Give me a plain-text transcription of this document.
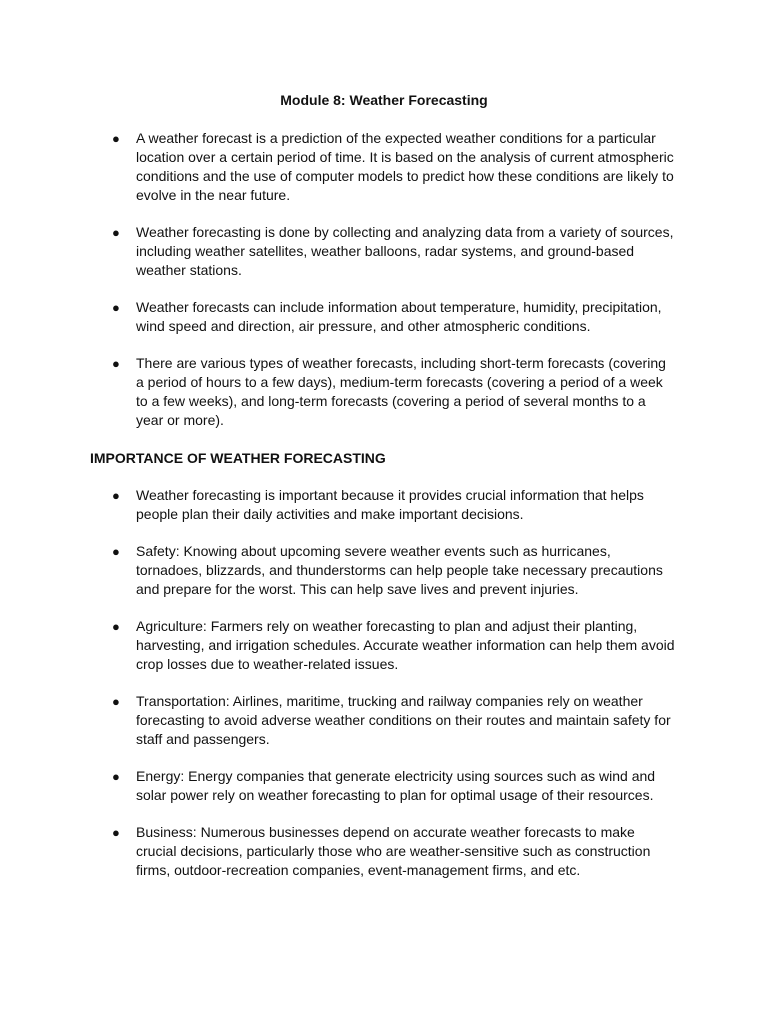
Module 8: Weather Forecasting
● A weather forecast is a prediction of the expected weather conditions for a particular location over a certain period of time. It is based on the analysis of current atmospheric conditions and the use of computer models to predict how these conditions are likely to evolve in the near future.
● Weather forecasting is done by collecting and analyzing data from a variety of sources, including weather satellites, weather balloons, radar systems, and ground-based weather stations.
● Weather forecasts can include information about temperature, humidity, precipitation, wind speed and direction, air pressure, and other atmospheric conditions.
● There are various types of weather forecasts, including short-term forecasts (covering a period of hours to a few days), medium-term forecasts (covering a period of a week to a few weeks), and long-term forecasts (covering a period of several months to a year or more).
IMPORTANCE OF WEATHER FORECASTING
● Weather forecasting is important because it provides crucial information that helps people plan their daily activities and make important decisions.
● Safety: Knowing about upcoming severe weather events such as hurricanes, tornadoes, blizzards, and thunderstorms can help people take necessary precautions and prepare for the worst. This can help save lives and prevent injuries.
● Agriculture: Farmers rely on weather forecasting to plan and adjust their planting, harvesting, and irrigation schedules. Accurate weather information can help them avoid crop losses due to weather-related issues.
● Transportation: Airlines, maritime, trucking and railway companies rely on weather forecasting to avoid adverse weather conditions on their routes and maintain safety for staff and passengers.
● Energy: Energy companies that generate electricity using sources such as wind and solar power rely on weather forecasting to plan for optimal usage of their resources.
● Business: Numerous businesses depend on accurate weather forecasts to make crucial decisions, particularly those who are weather-sensitive such as construction firms, outdoor-recreation companies, event-management firms, and etc.
